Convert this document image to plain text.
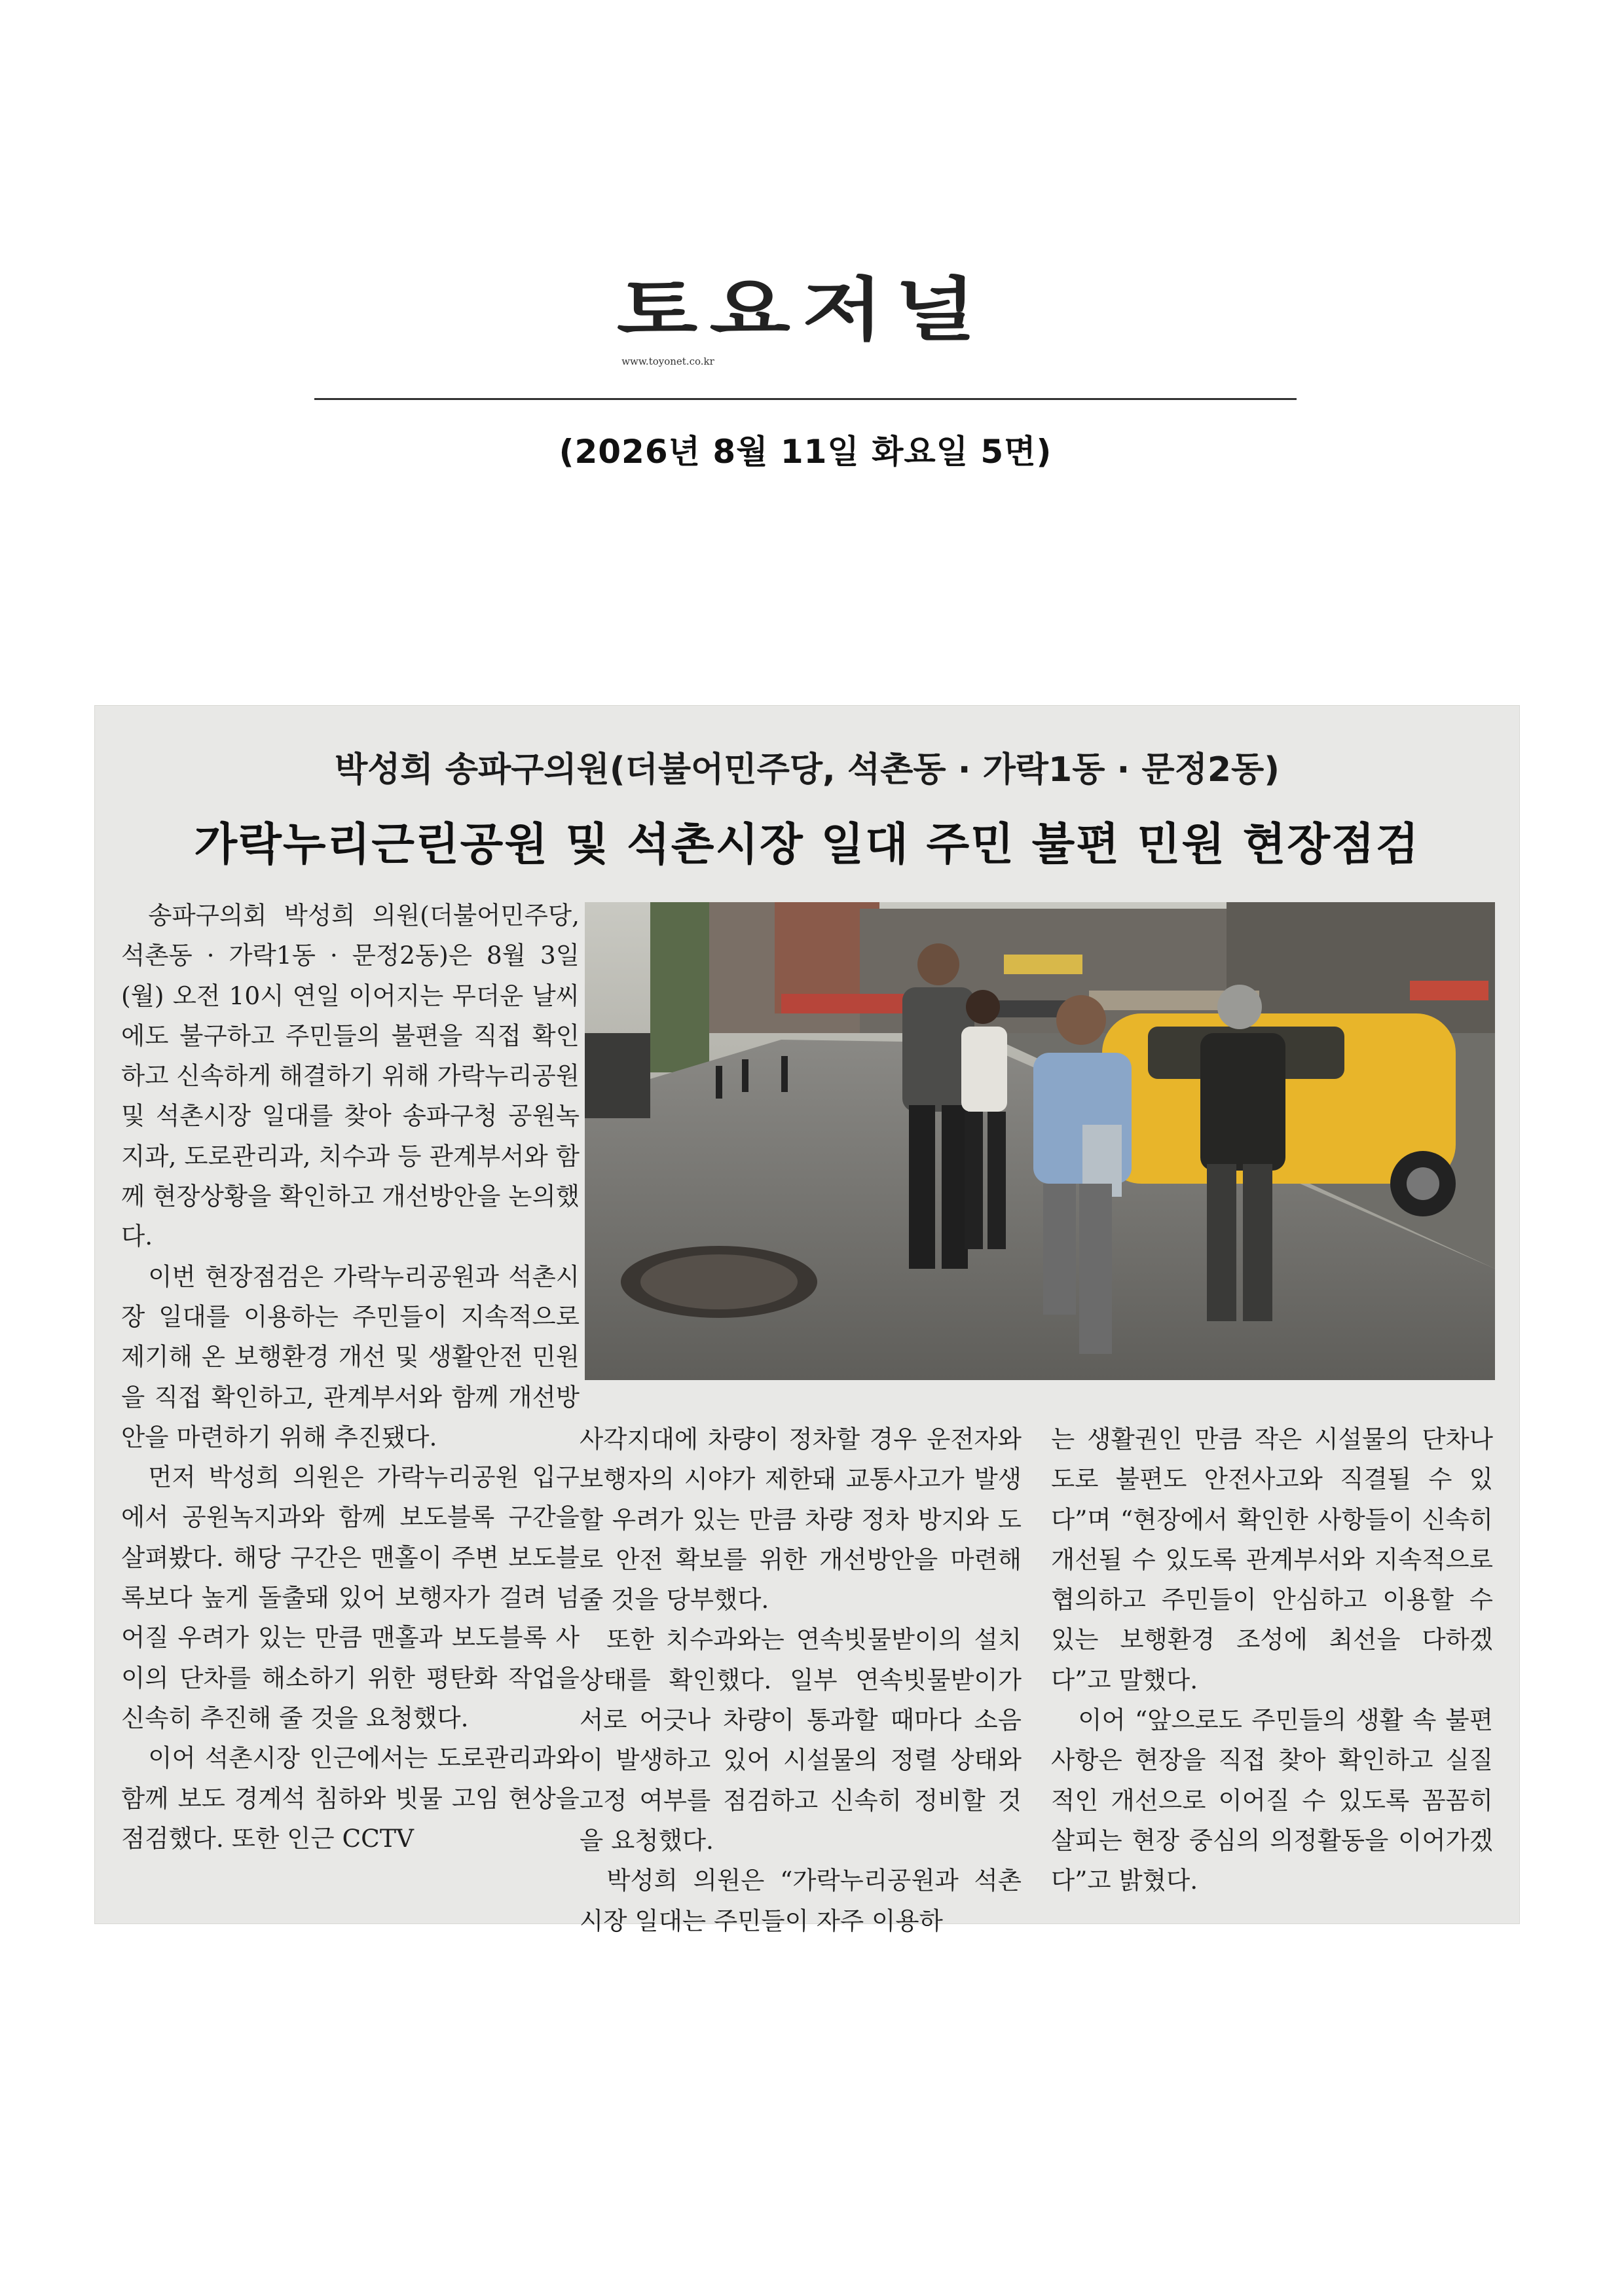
토요저널
www.toyonet.co.kr
(2026년 8월 11일 화요일 5면)
박성희 송파구의원(더불어민주당, 석촌동 · 가락1동 · 문정2동)
가락누리근린공원 및 석촌시장 일대 주민 불편 민원 현장점검

송파구의회 박성희 의원(더불어민주당, 석촌동 · 가락1동 · 문정2동)은 8월 3일(월) 오전 10시 연일 이어지는 무더운 날씨에도 불구하고 주민들의 불편을 직접 확인하고 신속하게 해결하기 위해 가락누리공원 및 석촌시장 일대를 찾아 송파구청 공원녹지과, 도로관리과, 치수과 등 관계부서와 함께 현장상황을 확인하고 개선방안을 논의했다.

이번 현장점검은 가락누리공원과 석촌시장 일대를 이용하는 주민들이 지속적으로 제기해 온 보행환경 개선 및 생활안전 민원을 직접 확인하고, 관계부서와 함께 개선방안을 마련하기 위해 추진됐다.

먼저 박성희 의원은 가락누리공원 입구에서 공원녹지과와 함께 보도블록 구간을 살펴봤다. 해당 구간은 맨홀이 주변 보도블록보다 높게 돌출돼 있어 보행자가 걸려 넘어질 우려가 있는 만큼 맨홀과 보도블록 사이의 단차를 해소하기 위한 평탄화 작업을 신속히 추진해 줄 것을 요청했다.

이어 석촌시장 인근에서는 도로관리과와 함께 보도 경계석 침하와 빗물 고임 현상을 점검했다. 또한 인근 CCTV

사각지대에 차량이 정차할 경우 운전자와 보행자의 시야가 제한돼 교통사고가 발생할 우려가 있는 만큼 차량 정차 방지와 도로 안전 확보를 위한 개선방안을 마련해 줄 것을 당부했다.

또한 치수과와는 연속빗물받이의 설치 상태를 확인했다. 일부 연속빗물받이가 서로 어긋나 차량이 통과할 때마다 소음이 발생하고 있어 시설물의 정렬 상태와 고정 여부를 점검하고 신속히 정비할 것을 요청했다.

박성희 의원은 “가락누리공원과 석촌시장 일대는 주민들이 자주 이용하

는 생활권인 만큼 작은 시설물의 단차나 도로 불편도 안전사고와 직결될 수 있다”며 “현장에서 확인한 사항들이 신속히 개선될 수 있도록 관계부서와 지속적으로 협의하고 주민들이 안심하고 이용할 수 있는 보행환경 조성에 최선을 다하겠다”고 말했다.

이어 “앞으로도 주민들의 생활 속 불편사항은 현장을 직접 찾아 확인하고 실질적인 개선으로 이어질 수 있도록 꼼꼼히 살피는 현장 중심의 의정활동을 이어가겠다”고 밝혔다.
